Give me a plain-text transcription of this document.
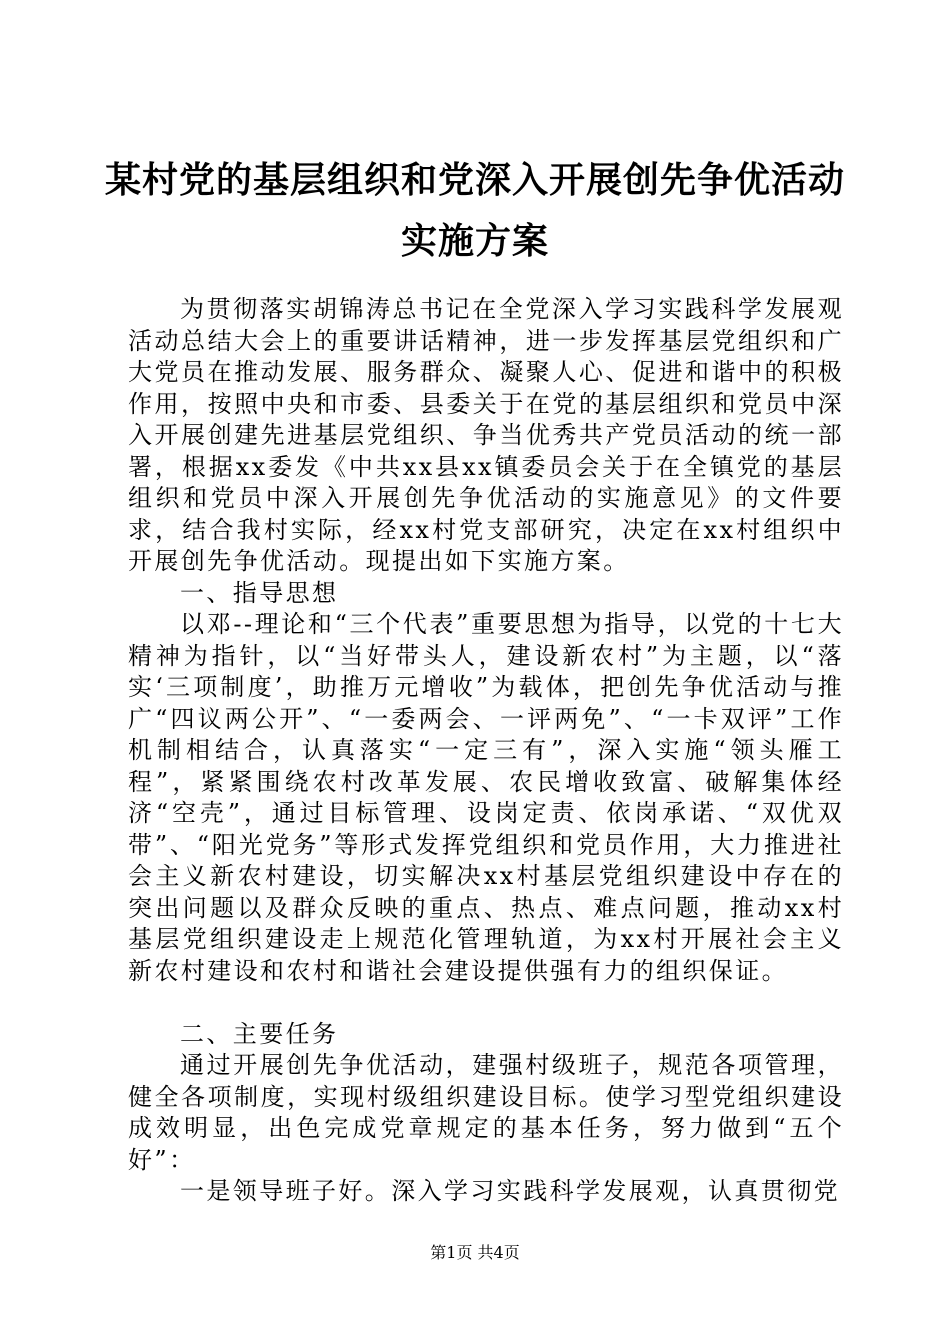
某村党的基层组织和党深入开展创先争优活动
实施方案

为贯彻落实胡锦涛总书记在全党深入学习实践科学发展观活动总结大会上的重要讲话精神，进一步发挥基层党组织和广大党员在推动发展、服务群众、凝聚人心、促进和谐中的积极作用，按照中央和市委、县委关于在党的基层组织和党员中深入开展创建先进基层党组织、争当优秀共产党员活动的统一部署，根据xx委发《中共xx县xx镇委员会关于在全镇党的基层组织和党员中深入开展创先争优活动的实施意见》的文件要求，结合我村实际，经xx村党支部研究，决定在xx村组织中开展创先争优活动。现提出如下实施方案。

一、指导思想

以邓--理论和“三个代表”重要思想为指导，以党的十七大精神为指针，以“当好带头人，建设新农村”为主题，以“落实‘三项制度’，助推万元增收”为载体，把创先争优活动与推广“四议两公开”、“一委两会、一评两免”、“一卡双评”工作机制相结合，认真落实“一定三有”，深入实施“领头雁工程”，紧紧围绕农村改革发展、农民增收致富、破解集体经济“空壳”，通过目标管理、设岗定责、依岗承诺、“双优双带”、“阳光党务”等形式发挥党组织和党员作用，大力推进社会主义新农村建设，切实解决xx村基层党组织建设中存在的突出问题以及群众反映的重点、热点、难点问题，推动xx村基层党组织建设走上规范化管理轨道，为xx村开展社会主义新农村建设和农村和谐社会建设提供强有力的组织保证。

二、主要任务

通过开展创先争优活动，建强村级班子，规范各项管理，健全各项制度，实现村级组织建设目标。使学习型党组织建设成效明显，出色完成党章规定的基本任务，努力做到“五个好”：

一是领导班子好。深入学习实践科学发展观，认真贯彻党

第1页 共4页
